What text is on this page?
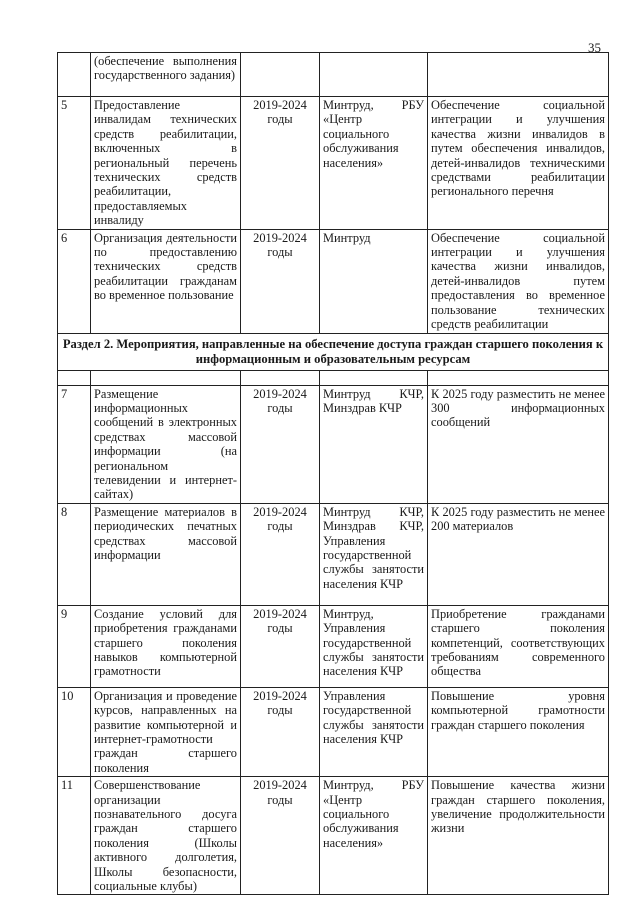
35
	(обеспечение выполнения государственного задания)			
5	Предоставление инвалидам технических средств реабилитации, включенных в региональный перечень технических средств реабилитации, предоставляемых инвалиду	2019-2024 годы	Минтруд, РБУ «Центр социального обслуживания населения»	Обеспечение социальной интеграции и улучшения качества жизни инвалидов в путем обеспечения инвалидов, детей-инвалидов техническими средствами реабилитации регионального перечня
6	Организация деятельности по предоставлению технических средств реабилитации гражданам во временное пользование	2019-2024 годы	Минтруд	Обеспечение социальной интеграции и улучшения качества жизни инвалидов, детей-инвалидов путем предоставления во временное пользование технических средств реабилитации
Раздел 2. Мероприятия, направленные на обеспечение доступа граждан старшего поколения к информационным и образовательным ресурсам				

7	Размещение информационных сообщений в электронных средствах массовой информации (на региональном телевидении и интернет-сайтах)	2019-2024 годы	Минтруд КЧР, Минздрав КЧР	К 2025 году разместить не менее 300 информационных сообщений
8	Размещение материалов в периодических печатных средствах массовой информации	2019-2024 годы	Минтруд КЧР, Минздрав КЧР, Управления государственной службы занятости населения КЧР	К 2025 году разместить не менее 200 материалов
9	Создание условий для приобретения гражданами старшего поколения навыков компьютерной грамотности	2019-2024 годы	Минтруд, Управления государственной службы занятости населения КЧР	Приобретение гражданами старшего поколения компетенций, соответствующих требованиям современного общества
10	Организация и проведение курсов, направленных на развитие компьютерной и интернет-грамотности граждан старшего поколения	2019-2024 годы	Управления государственной службы занятости населения КЧР	Повышение уровня компьютерной грамотности граждан старшего поколения
11	Совершенствование организации познавательного досуга граждан старшего поколения (Школы активного долголетия, Школы безопасности, социальные клубы)	2019-2024 годы	Минтруд, РБУ «Центр социального обслуживания населения»	Повышение качества жизни граждан старшего поколения, увеличение продолжительности жизни
